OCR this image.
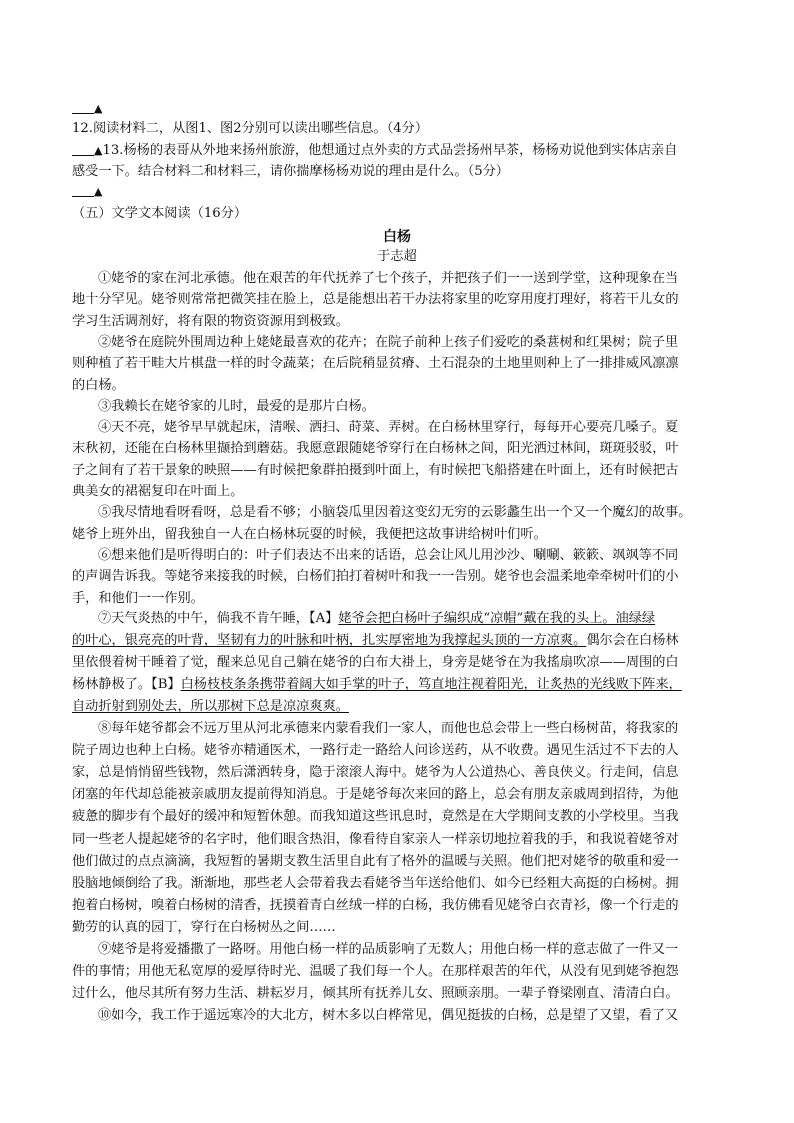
▲
12.阅读材料二，从图1、图2分别可以读出哪些信息。（4分）
▲13.杨杨的表哥从外地来扬州旅游，他想通过点外卖的方式品尝扬州早茶，杨杨劝说他到实体店亲自
感受一下。结合材料二和材料三，请你揣摩杨杨劝说的理由是什么。（5分）
▲
（五）文学文本阅读（16分）
白杨
于志超
①姥爷的家在河北承德。他在艰苦的年代抚养了七个孩子，并把孩子们一一送到学堂，这种现象在当
地十分罕见。姥爷则常常把微笑挂在脸上，总是能想出若干办法将家里的吃穿用度打理好，将若干儿女的
学习生活调剂好，将有限的物资资源用到极致。
②姥爷在庭院外围周边种上姥姥最喜欢的花卉；在院子前种上孩子们爱吃的桑葚树和红果树；院子里
则种植了若干畦大片棋盘一样的时令蔬菜；在后院稍显贫瘠、土石混杂的土地里则种上了一排排威风凛凛
的白杨。
③我赖长在姥爷家的儿时，最爱的是那片白杨。
④天不亮，姥爷早早就起床，清喉、洒扫、莳菜、弄树。在白杨林里穿行，每每开心要亮几嗓子。夏
末秋初，还能在白杨林里撷拾到蘑菇。我愿意跟随姥爷穿行在白杨林之间，阳光洒过林间，斑斑驳驳，叶
子之间有了若干景象的映照——有时候把象群拍摄到叶面上，有时候把飞船搭建在叶面上，还有时候把古
典美女的裙裾复印在叶面上。
⑤我尽情地看呀看呀，总是看不够；小脑袋瓜里因着这变幻无穷的云影蠡生出一个又一个魔幻的故事。
姥爷上班外出，留我独自一人在白杨林玩耍的时候，我便把这故事讲给树叶们听。
⑥想来他们是听得明白的：叶子们表达不出来的话语，总会让风儿用沙沙、唰唰、簌簌、飒飒等不同
的声调告诉我。等姥爷来接我的时候，白杨们拍打着树叶和我一一告别。姥爷也会温柔地牵牵树叶们的小
手，和他们一一作别。
⑦天气炎热的中午，倘我不肯午睡，【A】姥爷会把白杨叶子编织成“凉帽”戴在我的头上。油绿绿
的叶心，银亮亮的叶背，坚韧有力的叶脉和叶柄，扎实厚密地为我撑起头顶的一方凉爽。偶尔会在白杨林
里依偎着树干睡着了觉，醒来总见自己躺在姥爷的白布大褂上，身旁是姥爷在为我搖扇吹凉——周围的白
杨林静极了。【B】白杨枝枝条条携带着阔大如手掌的叶子，笃直地注视着阳光，让炙热的光线败下阵来，
自动折射到别处去，所以那树下总是凉凉爽爽。
⑧每年姥爷都会不远万里从河北承德来内蒙看我们一家人，而他也总会带上一些白杨树苗，将我家的
院子周边也种上白杨。姥爷亦精通医术，一路行走一路给人问诊送药，从不收费。遇见生活过不下去的人
家，总是悄悄留些钱物，然后潇洒转身，隐于滚滚人海中。姥爷为人公道热心、善良侠义。行走间，信息
闭塞的年代却总能被亲戚朋友提前得知消息。于是姥爷每次来回的路上，总会有朋友亲戚周到招待，为他
疲惫的脚步有个最好的缓冲和短暂休憩。而我知道这些讯息时，竟然是在大学期间支教的小学校里。当我
同一些老人提起姥爷的名字时，他们眼含热泪，像看待自家亲人一样亲切地拉着我的手，和我说着姥爷对
他们做过的点点滴滴，我短暂的暑期支教生活里自此有了格外的温暖与关照。他们把对姥爷的敬重和爱一
股脑地倾倒给了我。渐渐地，那些老人会带着我去看姥爷当年送给他们、如今已经粗大高挺的白杨树。拥
抱着白杨树，嗅着白杨树的清香，抚摸着青白丝绒一样的白杨，我仿佛看见姥爷白衣青衫，像一个行走的
勤劳的认真的园丁，穿行在白杨树丛之间……
⑨姥爷是将爱播撒了一路呀。用他白杨一样的品质影响了无数人；用他白杨一样的意志做了一件又一
件的事情；用他无私宽厚的爱厚待时光、温暖了我们每一个人。在那样艰苦的年代，从没有见到姥爷抱怨
过什么，他尽其所有努力生活、耕耘岁月，倾其所有抚养儿女、照顾亲朋。一辈子脊梁刚直、清清白白。
⑩如今，我工作于遥远寒冷的大北方，树木多以白桦常见，偶见挺拔的白杨，总是望了又望，看了又
